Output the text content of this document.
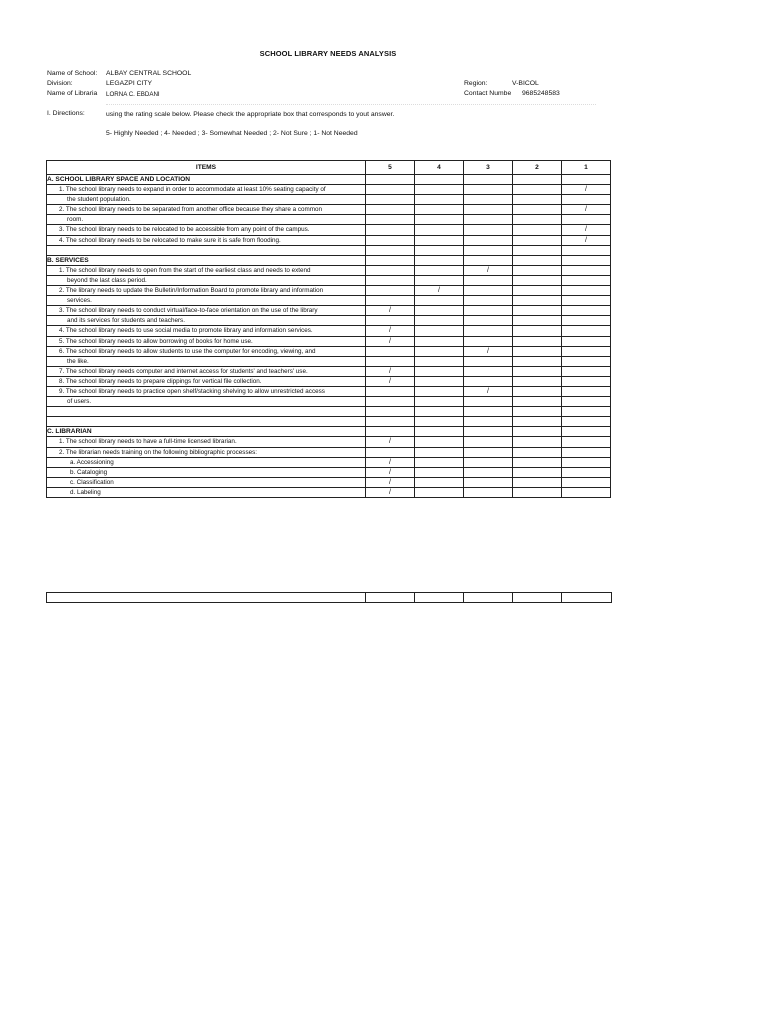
SCHOOL LIBRARY NEEDS ANALYSIS
Name of School: ALBAY CENTRAL SCHOOL
Division:	LEGAZPI CITY
Name of Libraria LORNA C. EBDANI
Region:	V-BICOL
Contact Numbe 9685248583
I. Directions:	using the rating scale below. Please check the appropriate box that corresponds to yout answer.
5- Highly Needed ; 4- Needed ; 3- Somewhat Needed ; 2- Not Sure ; 1- Not Needed
ITEMS	5	4	3	2	1
A. SCHOOL LIBRARY SPACE AND LOCATION					
1. The school library needs to expand in order to accommodate at least 10% seating capacity of					/
the student population.					
2. The school library needs to be separated from another office because they share a common					/
room.					
3. The school library needs to be relocated to be accessible from any point of the campus.					/
4. The school library needs to be relocated to make sure it is safe from flooding.					/

B. SERVICES					
1. The school library needs to open from the start of the earliest class and needs to extend			/		
beyond the last class period.					
2. The library needs to update the Bulletin/Information Board to promote library and information		/			
services.					
3. The school library needs to conduct virtual/face-to-face orientation on the use of the library	/				
and its services for students and teachers.					
4. The school library needs to use social media to promote library and information services.	/				
5. The school library needs to allow borrowing of books for home use.	/				
6. The school library needs to allow students to use the computer for encoding, viewing, and			/		
the like.					
7. The school library needs computer and internet access for students' and teachers' use.	/				
8. The school library needs to prepare clippings for vertical file collection.	/				
9. The school library needs to practice open shelf/stacking shelving to allow unrestricted access			/		
of users.					

C. LIBRARIAN					
1. The school library needs to have a full-time licensed librarian.	/				
2. The librarian needs training on the following bibliographic processes:					
a. Accessioning	/				
b. Cataloging	/				
c. Classification	/				
d. Labeling	/				
